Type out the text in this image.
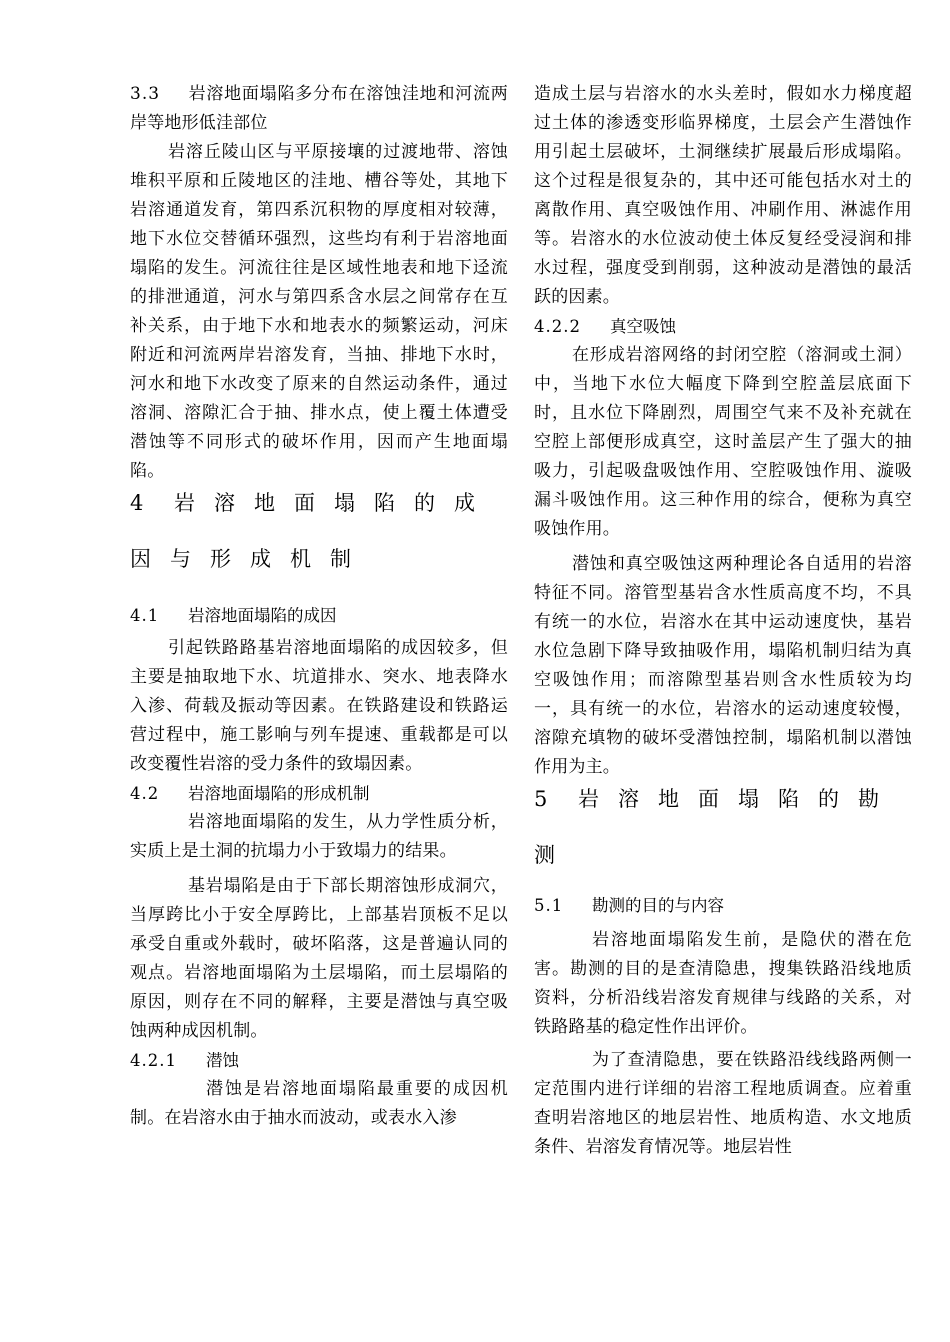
3.3 岩溶地面塌陷多分布在溶蚀洼地和河流两岸等地形低洼部位

岩溶丘陵山区与平原接壤的过渡地带、溶蚀堆积平原和丘陵地区的洼地、槽谷等处，其地下岩溶通道发育，第四系沉积物的厚度相对较薄，地下水位交替循环强烈，这些均有利于岩溶地面塌陷的发生。河流往往是区域性地表和地下迳流的排泄通道，河水与第四系含水层之间常存在互补关系，由于地下水和地表水的频繁运动，河床附近和河流两岸岩溶发育，当抽、排地下水时，河水和地下水改变了原来的自然运动条件，通过溶洞、溶隙汇合于抽、排水点，使上覆土体遭受潜蚀等不同形式的破坏作用，因而产生地面塌陷。

4 岩溶地面塌陷的成

因与形成机制

4.1 岩溶地面塌陷的成因

引起铁路路基岩溶地面塌陷的成因较多，但主要是抽取地下水、坑道排水、突水、地表降水入渗、荷载及振动等因素。在铁路建设和铁路运营过程中，施工影响与列车提速、重载都是可以改变覆性岩溶的受力条件的致塌因素。

4.2 岩溶地面塌陷的形成机制

岩溶地面塌陷的发生，从力学性质分析，实质上是土洞的抗塌力小于致塌力的结果。

基岩塌陷是由于下部长期溶蚀形成洞穴，当厚跨比小于安全厚跨比，上部基岩顶板不足以承受自重或外载时，破坏陷落，这是普遍认同的观点。岩溶地面塌陷为土层塌陷，而土层塌陷的原因，则存在不同的解释，主要是潜蚀与真空吸蚀两种成因机制。

4.2.1 潜蚀

潜蚀是岩溶地面塌陷最重要的成因机制。在岩溶水由于抽水而波动，或表水入渗

造成土层与岩溶水的水头差时，假如水力梯度超过土体的渗透变形临界梯度，土层会产生潜蚀作用引起土层破坏，土洞继续扩展最后形成塌陷。这个过程是很复杂的，其中还可能包括水对土的离散作用、真空吸蚀作用、冲刷作用、淋滤作用等。岩溶水的水位波动使土体反复经受浸润和排水过程，强度受到削弱，这种波动是潜蚀的最活跃的因素。

4.2.2 真空吸蚀

在形成岩溶网络的封闭空腔（溶洞或土洞）中，当地下水位大幅度下降到空腔盖层底面下时，且水位下降剧烈，周围空气来不及补充就在空腔上部便形成真空，这时盖层产生了强大的抽吸力，引起吸盘吸蚀作用、空腔吸蚀作用、漩吸漏斗吸蚀作用。这三种作用的综合，便称为真空吸蚀作用。

潜蚀和真空吸蚀这两种理论各自适用的岩溶特征不同。溶管型基岩含水性质高度不均，不具有统一的水位，岩溶水在其中运动速度快，基岩水位急剧下降导致抽吸作用，塌陷机制归结为真空吸蚀作用；而溶隙型基岩则含水性质较为均一，具有统一的水位，岩溶水的运动速度较慢，溶隙充填物的破坏受潜蚀控制，塌陷机制以潜蚀作用为主。

5 岩溶地面塌陷的勘

测

5.1 勘测的目的与内容

岩溶地面塌陷发生前，是隐伏的潜在危害。勘测的目的是查清隐患，搜集铁路沿线地质资料，分析沿线岩溶发育规律与线路的关系，对铁路路基的稳定性作出评价。

为了查清隐患，要在铁路沿线线路两侧一定范围内进行详细的岩溶工程地质调查。应着重查明岩溶地区的地层岩性、地质构造、水文地质条件、岩溶发育情况等。地层岩性
